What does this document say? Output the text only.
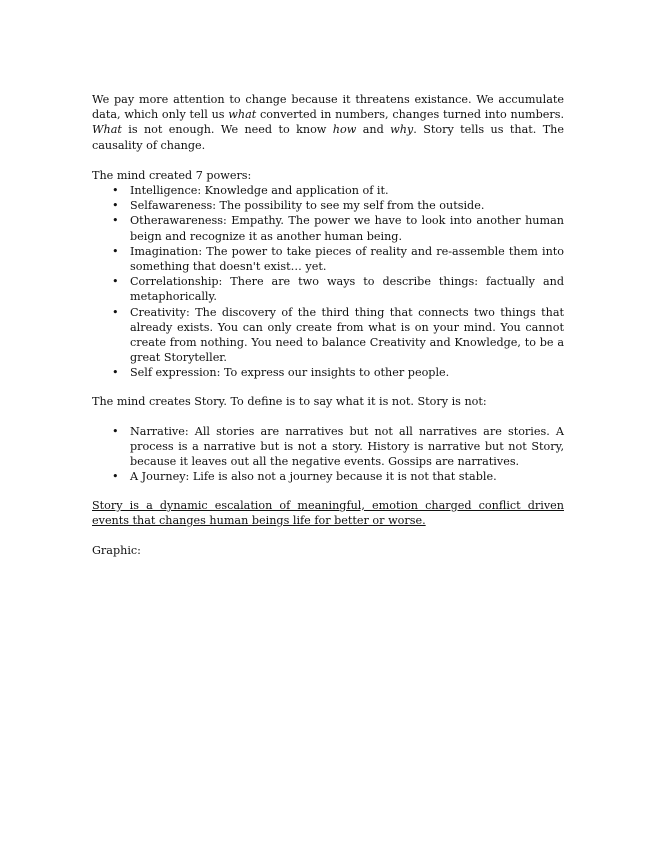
We pay more attention to change because it threatens existance. We accumulate data, which only tell us what converted in numbers, changes turned into numbers. What is not enough. We need to know how and why. Story tells us that. The causality of change.

The mind created 7 powers:

• Intelligence: Knowledge and application of it.
• Selfawareness: The possibility to see my self from the outside.
• Otherawareness: Empathy. The power we have to look into another human beign and recognize it as another human being.
• Imagination: The power to take pieces of reality and re-assemble them into something that doesn't exist… yet.
• Correlationship: There are two ways to describe things: factually and metaphorically.
• Creativity: The discovery of the third thing that connects two things that already exists. You can only create from what is on your mind. You cannot create from nothing. You need to balance Creativity and Knowledge, to be a great Storyteller.
• Self expression: To express our insights to other people.

The mind creates Story. To define is to say what it is not. Story is not:

• Narrative: All stories are narratives but not all narratives are stories. A process is a narrative but is not a story. History is narrative but not Story, because it leaves out all the negative events. Gossips are narratives.
• A Journey: Life is also not a journey because it is not that stable.

Story is a dynamic escalation of meaningful, emotion charged conflict driven events that changes human beings life for better or worse.

Graphic:
